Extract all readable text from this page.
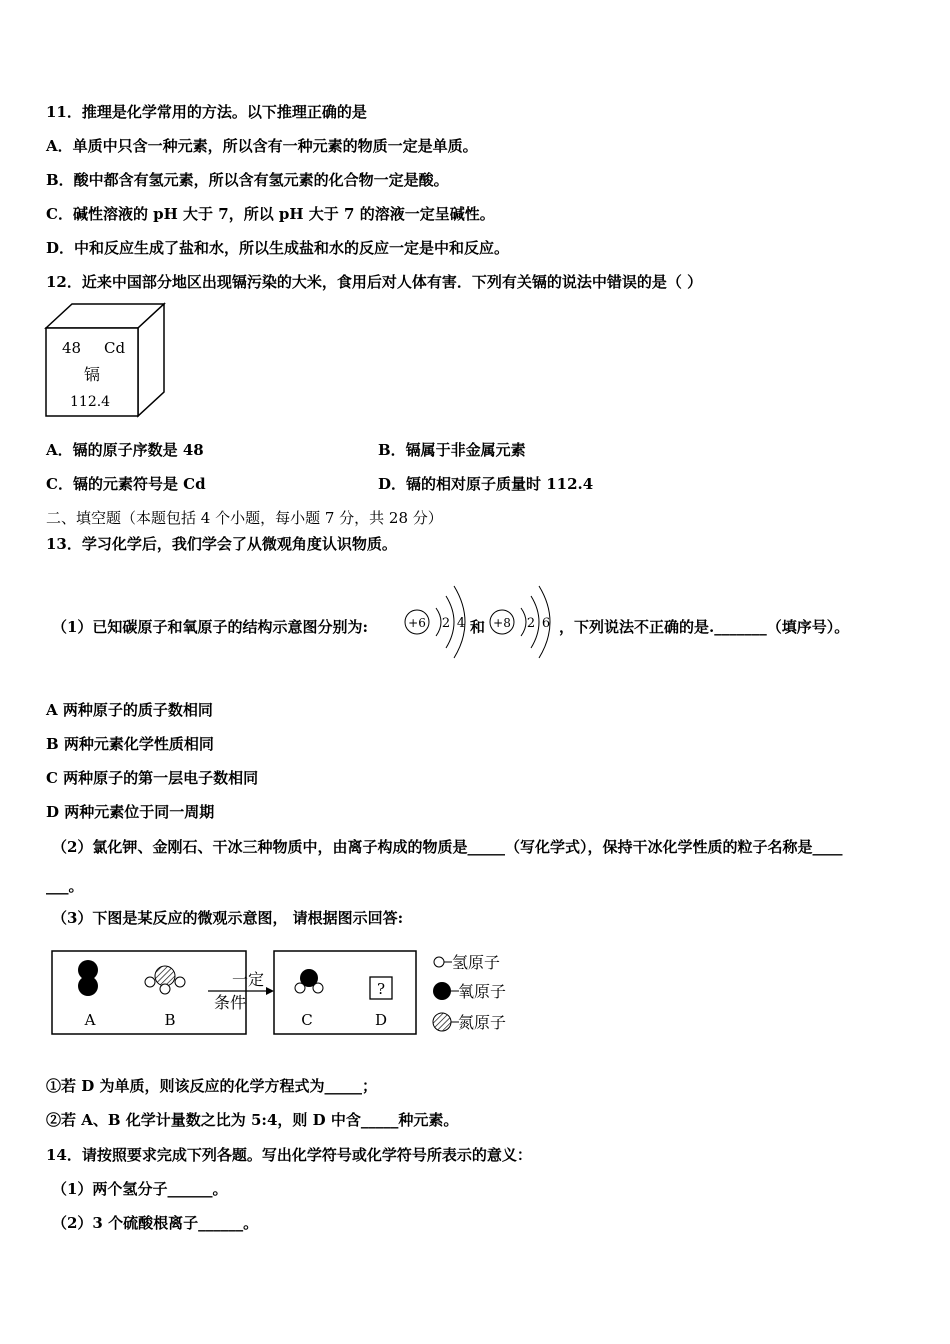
11．推理是化学常用的方法。以下推理正确的是
A．单质中只含一种元素，所以含有一种元素的物质一定是单质。
B．酸中都含有氢元素，所以含有氢元素的化合物一定是酸。
C．碱性溶液的 pH 大于 7，所以 pH 大于 7 的溶液一定呈碱性。
D．中和反应生成了盐和水，所以生成盐和水的反应一定是中和反应。
12．近来中国部分地区出现镉污染的大米，食用后对人体有害．下列有关镉的说法中错误的是（ ）
48 Cd
镉
112.4
A．镉的原子序数是 48	B．镉属于非金属元素
C．镉的元素符号是 Cd	D．镉的相对原子质量时 112.4
二、填空题（本题包括 4 个小题，每小题 7 分，共 28 分）
13．学习化学后，我们学会了从微观角度认识物质。
（1）已知碳原子和氧原子的结构示意图分别为:	+6 2 4 和 +8 2 6 ，下列说法不正确的是._______（填序号）。
A 两种原子的质子数相同
B 两种元素化学性质相同
C 两种原子的第一层电子数相同
D 两种元素位于同一周期
（2）氯化钾、金刚石、干冰三种物质中，由离子构成的物质是_____（写化学式），保持干冰化学性质的粒子名称是____
___。
（3）下图是某反应的微观示意图， 请根据图示回答:
A	B
一定
条件
?
C	D
氢原子
氧原子
氮原子
①若 D 为单质，则该反应的化学方程式为_____；
②若 A、B 化学计量数之比为 5:4，则 D 中含_____种元素。
14．请按照要求完成下列各题。写出化学符号或化学符号所表示的意义：
（1）两个氢分子______。
（2）3 个硫酸根离子______。
